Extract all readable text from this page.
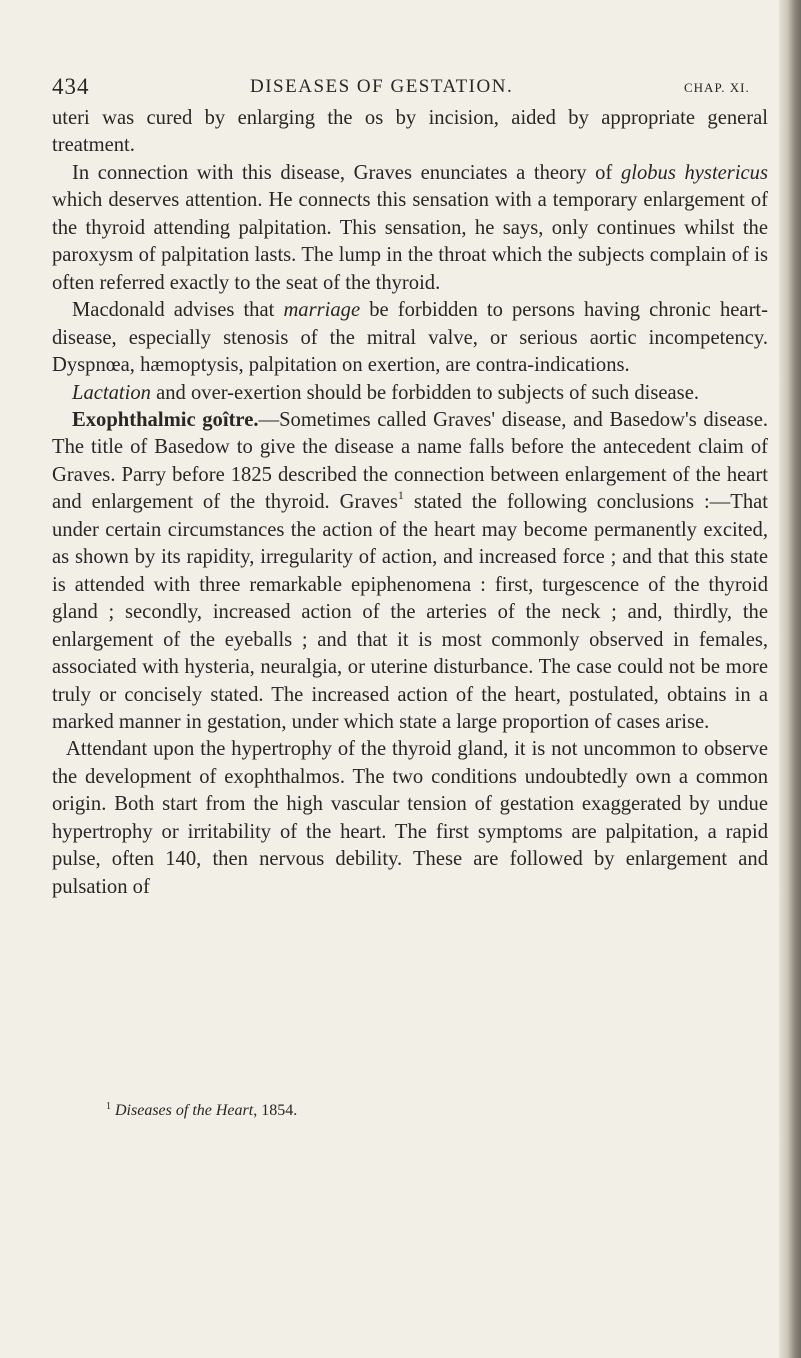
434	DISEASES OF GESTATION.	CHAP. XI.

uteri was cured by enlarging the os by incision, aided by appropriate general treatment.

In connection with this disease, Graves enunciates a theory of globus hystericus which deserves attention. He connects this sensation with a temporary enlargement of the thyroid attending palpitation. This sensation, he says, only continues whilst the paroxysm of palpitation lasts. The lump in the throat which the subjects complain of is often referred exactly to the seat of the thyroid.

Macdonald advises that marriage be forbidden to persons having chronic heart-disease, especially stenosis of the mitral valve, or serious aortic incompetency. Dyspnœa, hæmoptysis, palpitation on exertion, are contra-indications.

Lactation and over-exertion should be forbidden to subjects of such disease.

Exophthalmic goître.—Sometimes called Graves' disease, and Basedow's disease. The title of Basedow to give the disease a name falls before the antecedent claim of Graves. Parry before 1825 described the connection between enlargement of the heart and enlargement of the thyroid. Graves$^1$ stated the following conclusions :—That under certain circumstances the action of the heart may become permanently excited, as shown by its rapidity, irregularity of action, and increased force ; and that this state is attended with three remarkable epiphenomena : first, turgescence of the thyroid gland ; secondly, increased action of the arteries of the neck ; and, thirdly, the enlargement of the eyeballs ; and that it is most commonly observed in females, associated with hysteria, neuralgia, or uterine disturbance. The case could not be more truly or concisely stated. The increased action of the heart, postulated, obtains in a marked manner in gestation, under which state a large proportion of cases arise.

Attendant upon the hypertrophy of the thyroid gland, it is not uncommon to observe the development of exophthalmos. The two conditions undoubtedly own a common origin. Both start from the high vascular tension of gestation exaggerated by undue hypertrophy or irritability of the heart. The first symptoms are palpitation, a rapid pulse, often 140, then nervous debility. These are followed by enlargement and pulsation of

$^1$ Diseases of the Heart, 1854.
